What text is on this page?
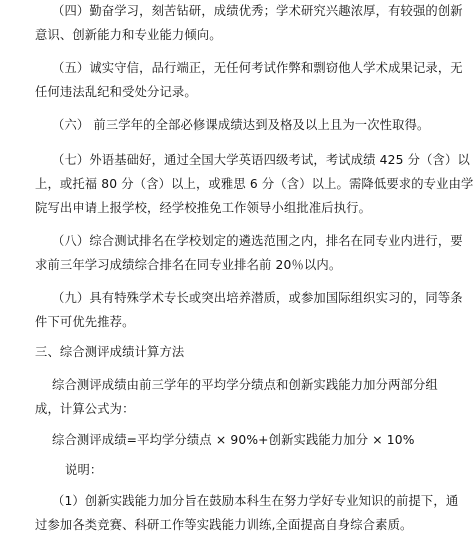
（四）勤奋学习，刻苦钻研，成绩优秀；学术研究兴趣浓厚，有较强的创新
意识、创新能力和专业能力倾向。
（五）诚实守信，品行端正，无任何考试作弊和剽窃他人学术成果记录，无
任何违法乱纪和受处分记录。
（六） 前三学年的全部必修课成绩达到及格及以上且为一次性取得。
（七）外语基础好，通过全国大学英语四级考试，考试成绩 425 分（含）以
上，或托福 80 分（含）以上，或雅思 6 分（含）以上。需降低要求的专业由学
院写出申请上报学校，经学校推免工作领导小组批准后执行。
（八）综合测试排名在学校划定的遴选范围之内，排名在同专业内进行，要
求前三年学习成绩综合排名在同专业排名前 20％以内。
（九）具有特殊学术专长或突出培养潜质，或参加国际组织实习的，同等条
件下可优先推荐。
三、综合测评成绩计算方法
综合测评成绩由前三学年的平均学分绩点和创新实践能力加分两部分组
成，计算公式为：
综合测评成绩=平均学分绩点 × 90%+创新实践能力加分 × 10%
说明：
（1）创新实践能力加分旨在鼓励本科生在努力学好专业知识的前提下，通
过参加各类竞赛、科研工作等实践能力训练,全面提高自身综合素质。
